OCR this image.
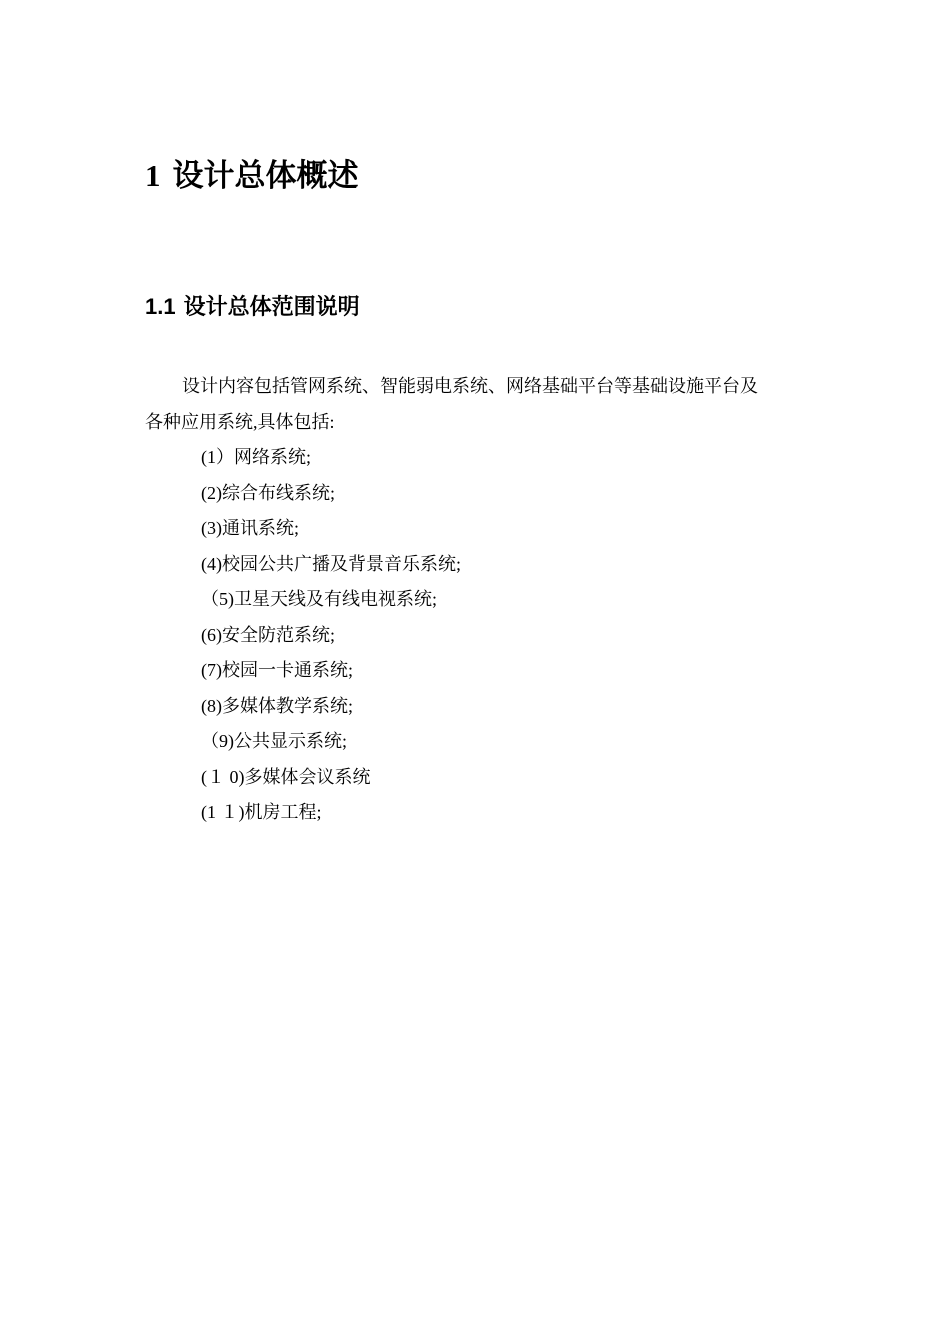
1 设计总体概述
1.1 设计总体范围说明
设计内容包括管网系统、智能弱电系统、网络基础平台等基础设施平台及
各种应用系统,具体包括:
(1）网络系统;
(2)综合布线系统;
(3)通讯系统;
(4)校园公共广播及背景音乐系统;
（5)卫星天线及有线电视系统;
(6)安全防范系统;
(7)校园一卡通系统;
(8)多媒体教学系统;
（9)公共显示系统;
(１ 0)多媒体会议系统
(1 １)机房工程;
